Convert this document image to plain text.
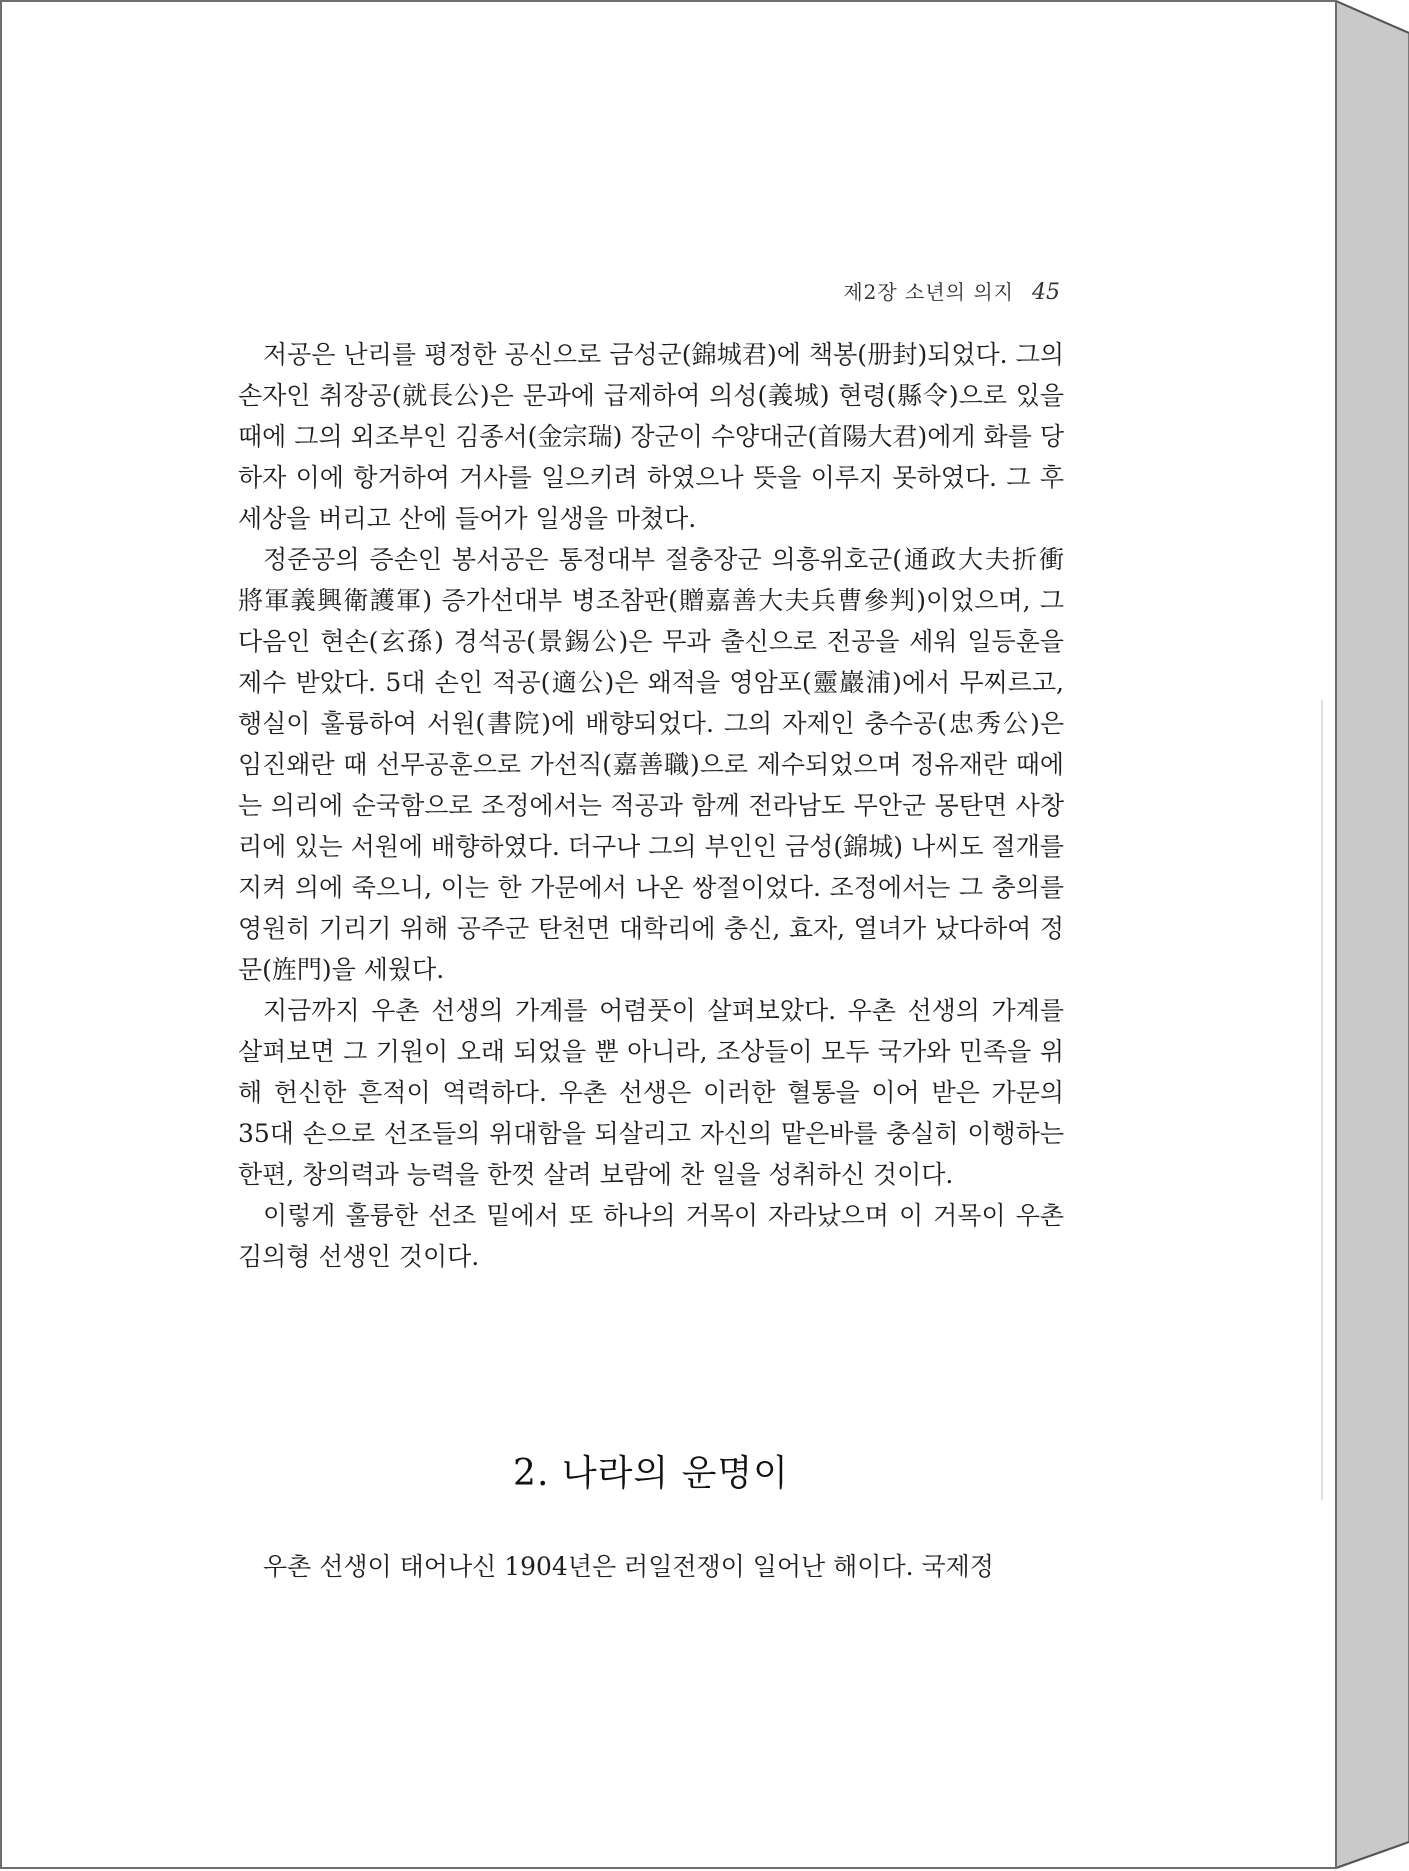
제2장 소년의 의지 45

저공은 난리를 평정한 공신으로 금성군(錦城君)에 책봉(册封)되었다. 그의 손자인 취장공(就長公)은 문과에 급제하여 의성(義城) 현령(縣令)으로 있을 때에 그의 외조부인 김종서(金宗瑞) 장군이 수양대군(首陽大君)에게 화를 당하자 이에 항거하여 거사를 일으키려 하였으나 뜻을 이루지 못하였다. 그 후 세상을 버리고 산에 들어가 일생을 마쳤다.

정준공의 증손인 봉서공은 통정대부 절충장군 의흥위호군(通政大夫折衝將軍義興衛護軍) 증가선대부 병조참판(贈嘉善大夫兵曹參判)이었으며, 그 다음인 현손(玄孫) 경석공(景錫公)은 무과 출신으로 전공을 세워 일등훈을 제수 받았다. 5대 손인 적공(適公)은 왜적을 영암포(靈巖浦)에서 무찌르고, 행실이 훌륭하여 서원(書院)에 배향되었다. 그의 자제인 충수공(忠秀公)은 임진왜란 때 선무공훈으로 가선직(嘉善職)으로 제수되었으며 정유재란 때에는 의리에 순국함으로 조정에서는 적공과 함께 전라남도 무안군 몽탄면 사창리에 있는 서원에 배향하였다. 더구나 그의 부인인 금성(錦城) 나씨도 절개를 지켜 의에 죽으니, 이는 한 가문에서 나온 쌍절이었다. 조정에서는 그 충의를 영원히 기리기 위해 공주군 탄천면 대학리에 충신, 효자, 열녀가 났다하여 정문(旌門)을 세웠다.

지금까지 우촌 선생의 가계를 어렴풋이 살펴보았다. 우촌 선생의 가계를 살펴보면 그 기원이 오래 되었을 뿐 아니라, 조상들이 모두 국가와 민족을 위해 헌신한 흔적이 역력하다. 우촌 선생은 이러한 혈통을 이어 받은 가문의 35대 손으로 선조들의 위대함을 되살리고 자신의 맡은바를 충실히 이행하는 한편, 창의력과 능력을 한껏 살려 보람에 찬 일을 성취하신 것이다.

이렇게 훌륭한 선조 밑에서 또 하나의 거목이 자라났으며 이 거목이 우촌 김의형 선생인 것이다.

2. 나라의 운명이

우촌 선생이 태어나신 1904년은 러일전쟁이 일어난 해이다. 국제정
